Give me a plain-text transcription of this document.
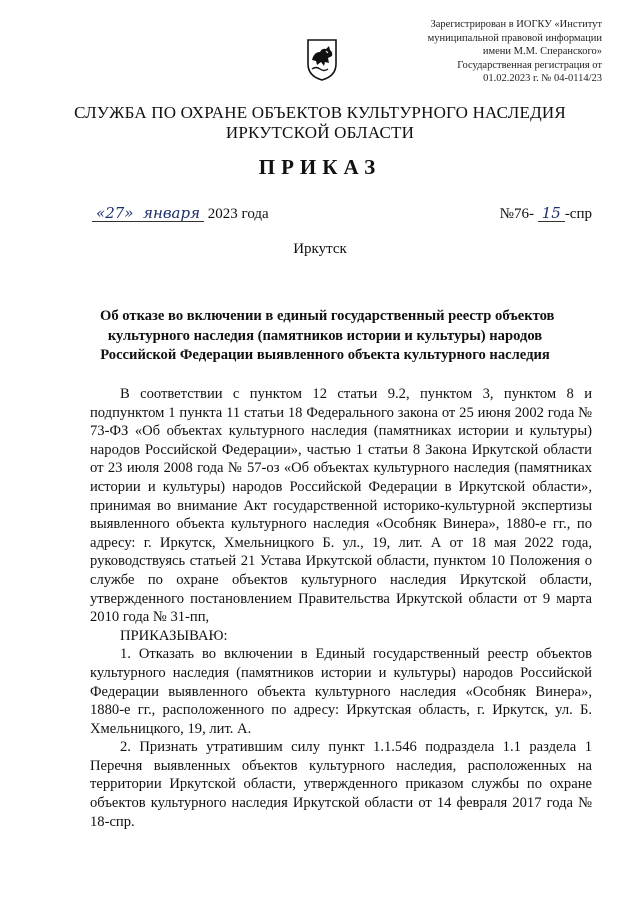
Зарегистрирован в ИОГКУ «Институт
муниципальной правовой информации
имени М.М. Сперанского»
Государственная регистрация от
01.02.2023 г. № 04-0114/23
СЛУЖБА ПО ОХРАНЕ ОБЪЕКТОВ КУЛЬТУРНОГО НАСЛЕДИЯ
ИРКУТСКОЙ ОБЛАСТИ
ПРИКАЗ
«27» января 2023 года	№76- 15 -спр
Иркутск
Об отказе во включении в единый государственный реестр объектов
культурного наследия (памятников истории и культуры) народов
Российской Федерации выявленного объекта культурного наследия

В соответствии с пунктом 12 статьи 9.2, пунктом 3, пунктом 8 и подпунктом 1 пункта 11 статьи 18 Федерального закона от 25 июня 2002 года № 73-ФЗ «Об объектах культурного наследия (памятниках истории и культуры) народов Российской Федерации», частью 1 статьи 8 Закона Иркутской области от 23 июля 2008 года № 57-оз «Об объектах культурного наследия (памятниках истории и культуры) народов Российской Федерации в Иркутской области», принимая во внимание Акт государственной историко-культурной экспертизы выявленного объекта культурного наследия «Особняк Винера», 1880-е гг., по адресу: г. Иркутск, Хмельницкого Б. ул., 19, лит. А от 18 мая 2022 года, руководствуясь статьей 21 Устава Иркутской области, пунктом 10 Положения о службе по охране объектов культурного наследия Иркутской области, утвержденного постановлением Правительства Иркутской области от 9 марта 2010 года № 31-пп,

ПРИКАЗЫВАЮ:

1. Отказать во включении в Единый государственный реестр объектов культурного наследия (памятников истории и культуры) народов Российской Федерации выявленного объекта культурного наследия «Особняк Винера», 1880-е гг., расположенного по адресу: Иркутская область, г. Иркутск, ул. Б. Хмельницкого, 19, лит. А.

2. Признать утратившим силу пункт 1.1.546 подраздела 1.1 раздела 1 Перечня выявленных объектов культурного наследия, расположенных на территории Иркутской области, утвержденного приказом службы по охране объектов культурного наследия Иркутской области от 14 февраля 2017 года № 18-спр.
